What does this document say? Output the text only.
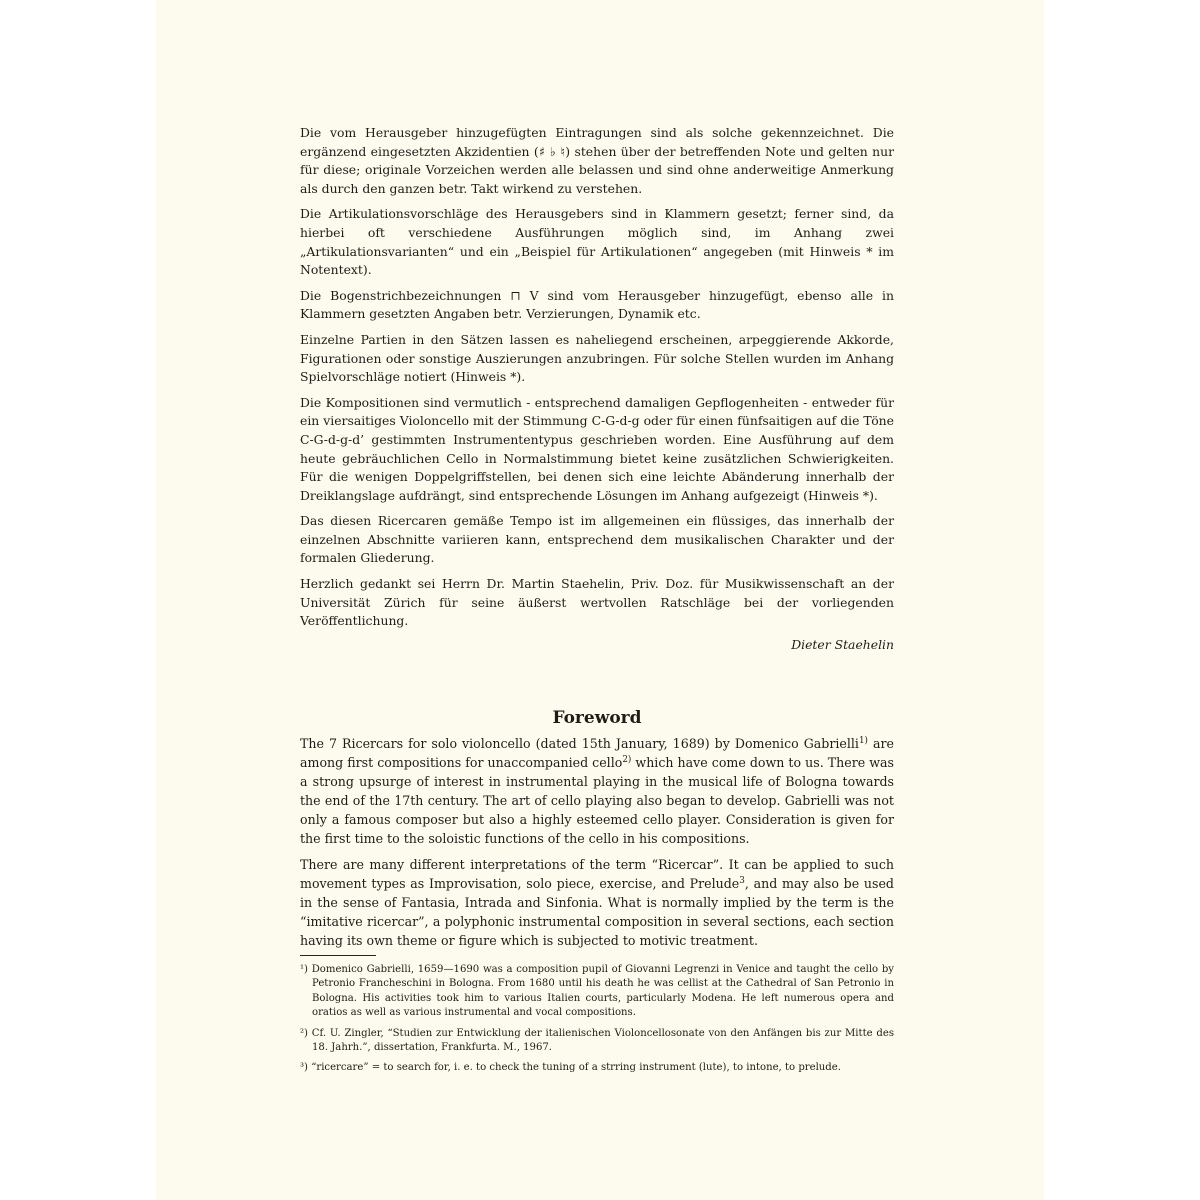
Die vom Herausgeber hinzugefügten Eintragungen sind als solche gekennzeichnet. Die ergänzend eingesetzten Akzidentien (♯ ♭ ♮) stehen über der betreffenden Note und gelten nur für diese; originale Vorzeichen werden alle belassen und sind ohne anderweitige Anmerkung als durch den ganzen betr. Takt wirkend zu verstehen.

Die Artikulationsvorschläge des Herausgebers sind in Klammern gesetzt; ferner sind, da hierbei oft verschiedene Ausführungen möglich sind, im Anhang zwei „Artikulationsvarianten“ und ein „Beispiel für Artikulationen“ angegeben (mit Hinweis * im Notentext).

Die Bogenstrichbezeichnungen ⊓ V sind vom Herausgeber hinzugefügt, ebenso alle in Klammern gesetzten Angaben betr. Verzierungen, Dynamik etc.

Einzelne Partien in den Sätzen lassen es naheliegend erscheinen, arpeggierende Akkorde, Figurationen oder sonstige Auszierungen anzubringen. Für solche Stellen wurden im Anhang Spielvorschläge notiert (Hinweis *).

Die Kompositionen sind vermutlich - entsprechend damaligen Gepflogenheiten - entweder für ein viersaitiges Violoncello mit der Stimmung C-G-d-g oder für einen fünfsaitigen auf die Töne C-G-d-g-d’ gestimmten Instrumententypus geschrieben worden. Eine Ausführung auf dem heute gebräuchlichen Cello in Normalstimmung bietet keine zusätzlichen Schwierigkeiten. Für die wenigen Doppelgriffstellen, bei denen sich eine leichte Abänderung innerhalb der Dreiklangslage aufdrängt, sind entsprechende Lösungen im Anhang aufgezeigt (Hinweis *).

Das diesen Ricercaren gemäße Tempo ist im allgemeinen ein flüssiges, das innerhalb der einzelnen Abschnitte variieren kann, entsprechend dem musikalischen Charakter und der formalen Gliederung.

Herzlich gedankt sei Herrn Dr. Martin Staehelin, Priv. Doz. für Musikwissenschaft an der Universität Zürich für seine äußerst wertvollen Ratschläge bei der vorliegenden Veröffentlichung.

Dieter Staehelin

Foreword

The 7 Ricercars for solo violoncello (dated 15th January, 1689) by Domenico Gabrielli$^{1)}$ are among first compositions for unaccompanied cello$^{2)}$ which have come down to us. There was a strong upsurge of interest in instrumental playing in the musical life of Bologna towards the end of the 17th century. The art of cello playing also began to develop. Gabrielli was not only a famous composer but also a highly esteemed cello player. Consideration is given for the first time to the soloistic functions of the cello in his compositions.

There are many different interpretations of the term “Ricercar”. It can be applied to such movement types as Improvisation, solo piece, exercise, and Prelude$^3$, and may also be used in the sense of Fantasia, Intrada and Sinfonia. What is normally implied by the term is the “imitative ricercar”, a polyphonic instrumental composition in several sections, each section having its own theme or figure which is subjected to motivic treatment.

¹) Domenico Gabrielli, 1659—1690 was a composition pupil of Giovanni Legrenzi in Venice and taught the cello by Petronio Francheschini in Bologna. From 1680 until his death he was cellist at the Cathedral of San Petronio in Bologna. His activities took him to various Italien courts, particularly Modena. He left numerous opera and oratios as well as various instrumental and vocal compositions.

²) Cf. U. Zingler, “Studien zur Entwicklung der italienischen Violoncellosonate von den Anfängen bis zur Mitte des 18. Jahrh.”, dissertation, Frankfurta. M., 1967.

³) “ricercare” = to search for, i. e. to check the tuning of a strring instrument (lute), to intone, to prelude.
